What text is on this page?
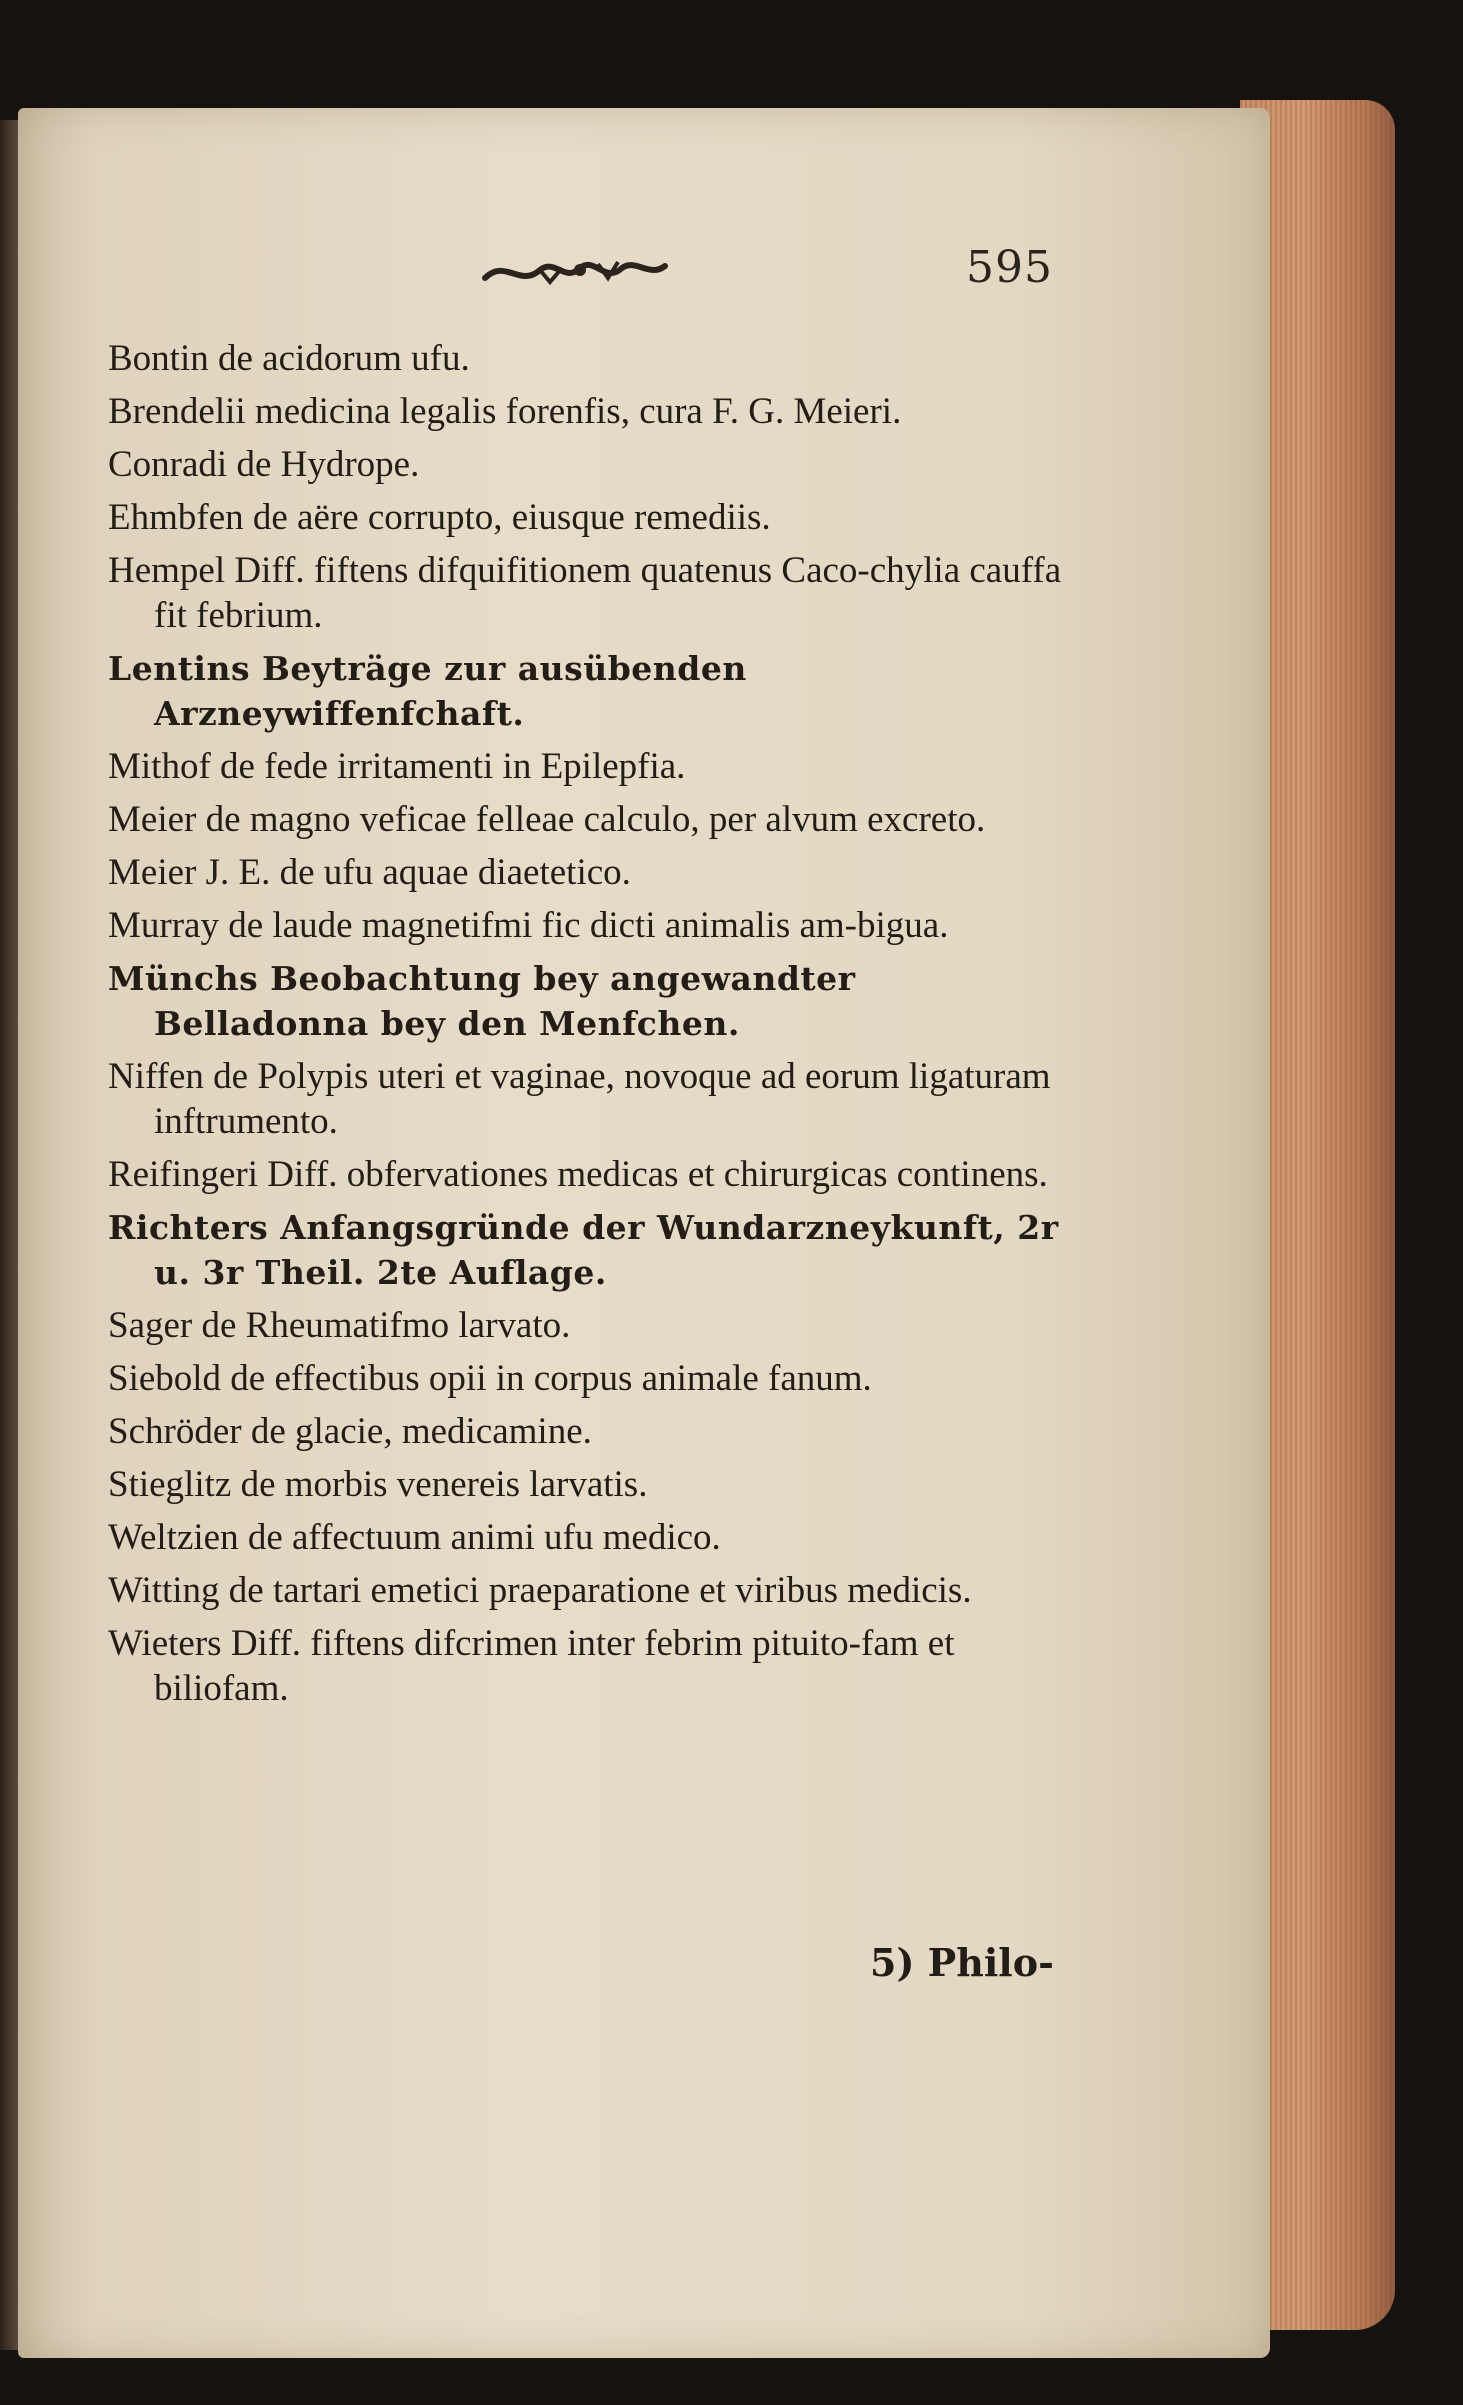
595

Bontin de acidorum ufu.

Brendelii medicina legalis forenfis, cura F. G. Meieri.

Conradi de Hydrope.

Ehmbfen de aëre corrupto, eiusque remediis.

Hempel Diff. fiftens difquifitionem quatenus Caco-chylia cauffa fit febrium.

Lentins Beyträge zur ausübenden Arzneywiffenfchaft.

Mithof de fede irritamenti in Epilepfia.

Meier de magno veficae felleae calculo, per alvum excreto.

Meier J. E. de ufu aquae diaetetico.

Murray de laude magnetifmi fic dicti animalis am-bigua.

Münchs Beobachtung bey angewandter Belladonna bey den Menfchen.

Niffen de Polypis uteri et vaginae, novoque ad eorum ligaturam inftrumento.

Reifingeri Diff. obfervationes medicas et chirurgicas continens.

Richters Anfangsgründe der Wundarzneykunft, 2r u. 3r Theil. 2te Auflage.

Sager de Rheumatifmo larvato.

Siebold de effectibus opii in corpus animale fanum.

Schröder de glacie, medicamine.

Stieglitz de morbis venereis larvatis.

Weltzien de affectuum animi ufu medico.

Witting de tartari emetici praeparatione et viribus medicis.

Wieters Diff. fiftens difcrimen inter febrim pituito-fam et biliofam.

5) Philo-
